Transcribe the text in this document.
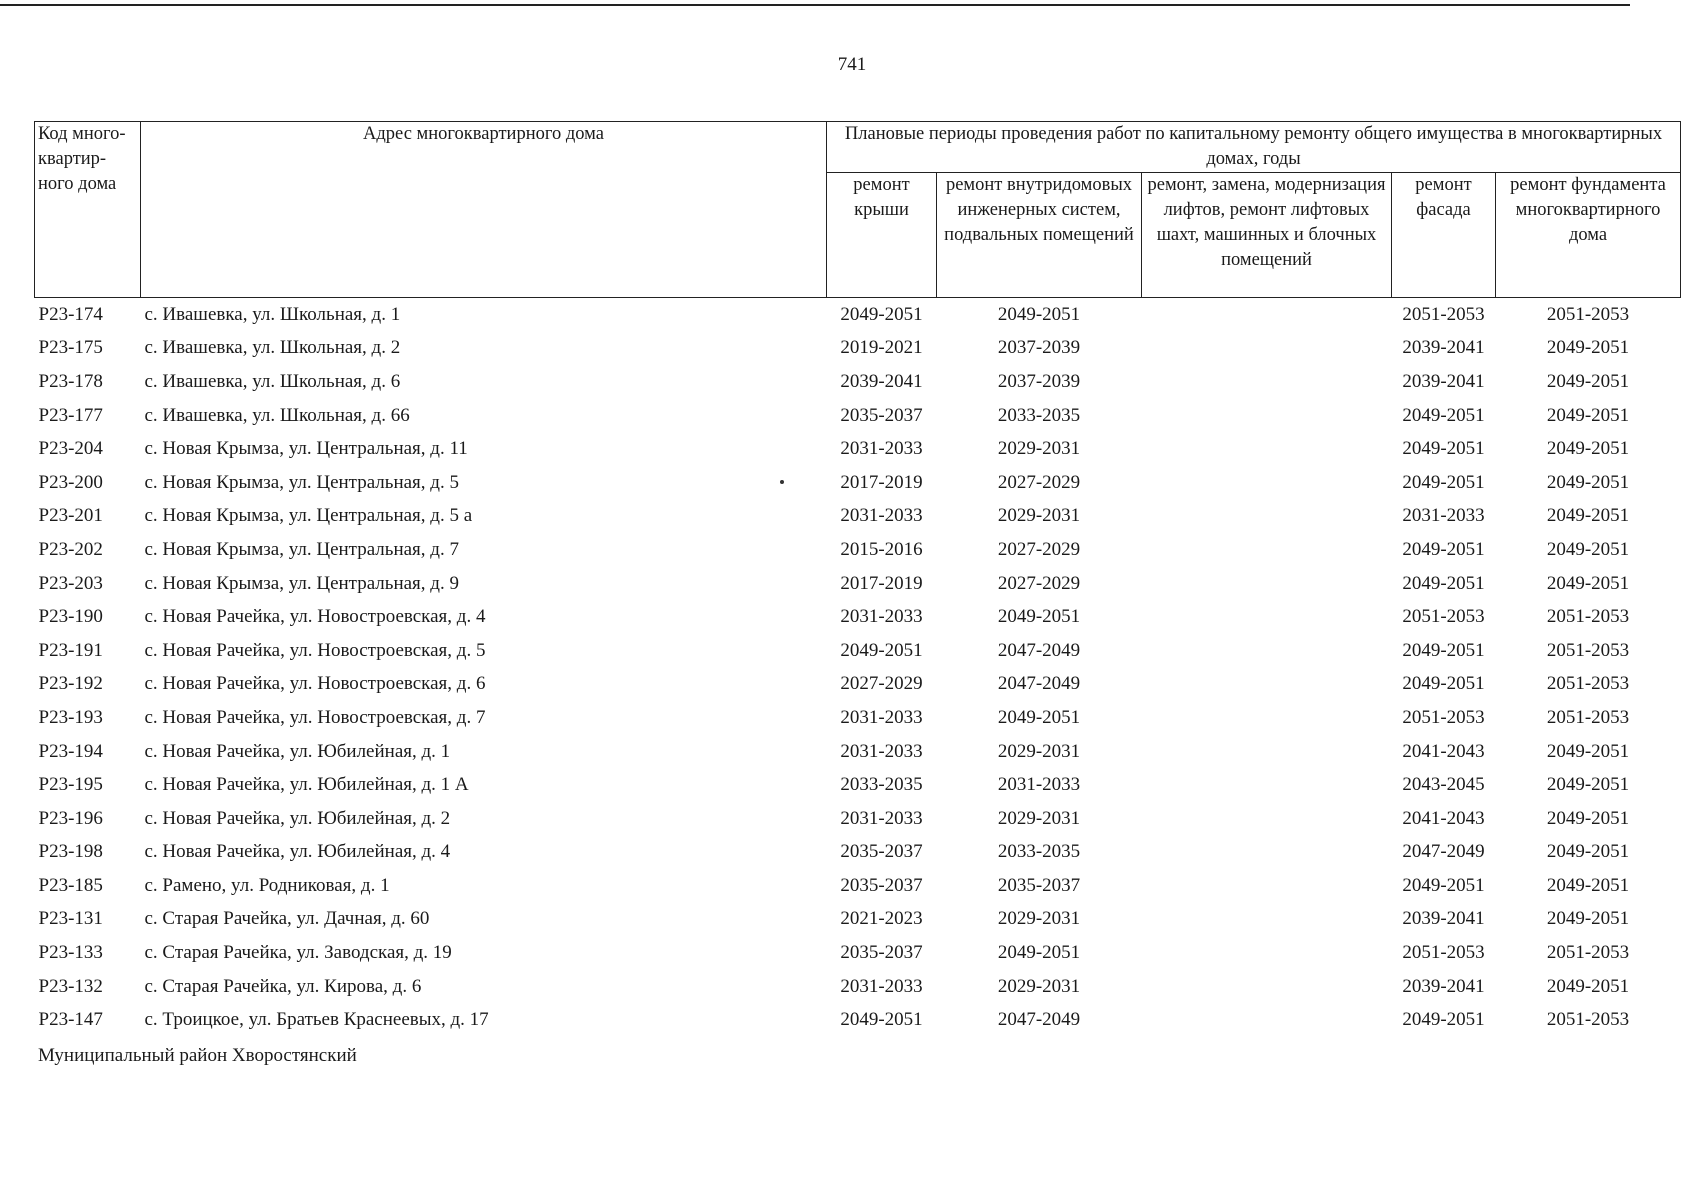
741
Код много-квартир-ного дома	Адрес многоквартирного дома	Плановые периоды проведения работ по капитальному ремонту общего имущества в многоквартирных домах, годы				
		ремонт крыши	ремонт внутридомовых инженерных систем, подвальных помещений	ремонт, замена, модернизация лифтов, ремонт лифтовых шахт, машинных и блочных помещений	ремонт фасада	ремонт фундамента многоквартирного дома
Р23-174	с. Ивашевка, ул. Школьная, д. 1	2049-2051	2049-2051		2051-2053	2051-2053
Р23-175	с. Ивашевка, ул. Школьная, д. 2	2019-2021	2037-2039		2039-2041	2049-2051
Р23-178	с. Ивашевка, ул. Школьная, д. 6	2039-2041	2037-2039		2039-2041	2049-2051
Р23-177	с. Ивашевка, ул. Школьная, д. 66	2035-2037	2033-2035		2049-2051	2049-2051
Р23-204	с. Новая Крымза, ул. Центральная, д. 11	2031-2033	2029-2031		2049-2051	2049-2051
Р23-200	с. Новая Крымза, ул. Центральная, д. 5	2017-2019	2027-2029		2049-2051	2049-2051
Р23-201	с. Новая Крымза, ул. Центральная, д. 5 а	2031-2033	2029-2031		2031-2033	2049-2051
Р23-202	с. Новая Крымза, ул. Центральная, д. 7	2015-2016	2027-2029		2049-2051	2049-2051
Р23-203	с. Новая Крымза, ул. Центральная, д. 9	2017-2019	2027-2029		2049-2051	2049-2051
Р23-190	с. Новая Рачейка, ул. Новостроевская, д. 4	2031-2033	2049-2051		2051-2053	2051-2053
Р23-191	с. Новая Рачейка, ул. Новостроевская, д. 5	2049-2051	2047-2049		2049-2051	2051-2053
Р23-192	с. Новая Рачейка, ул. Новостроевская, д. 6	2027-2029	2047-2049		2049-2051	2051-2053
Р23-193	с. Новая Рачейка, ул. Новостроевская, д. 7	2031-2033	2049-2051		2051-2053	2051-2053
Р23-194	с. Новая Рачейка, ул. Юбилейная, д. 1	2031-2033	2029-2031		2041-2043	2049-2051
Р23-195	с. Новая Рачейка, ул. Юбилейная, д. 1 А	2033-2035	2031-2033		2043-2045	2049-2051
Р23-196	с. Новая Рачейка, ул. Юбилейная, д. 2	2031-2033	2029-2031		2041-2043	2049-2051
Р23-198	с. Новая Рачейка, ул. Юбилейная, д. 4	2035-2037	2033-2035		2047-2049	2049-2051
Р23-185	с. Рамено, ул. Родниковая, д. 1	2035-2037	2035-2037		2049-2051	2049-2051
Р23-131	с. Старая Рачейка, ул. Дачная, д. 60	2021-2023	2029-2031		2039-2041	2049-2051
Р23-133	с. Старая Рачейка, ул. Заводская, д. 19	2035-2037	2049-2051		2051-2053	2051-2053
Р23-132	с. Старая Рачейка, ул. Кирова, д. 6	2031-2033	2029-2031		2039-2041	2049-2051
Р23-147	с. Троицкое, ул. Братьев Краснеевых, д. 17	2049-2051	2047-2049		2049-2051	2051-2053
Муниципальный район Хворостянский
